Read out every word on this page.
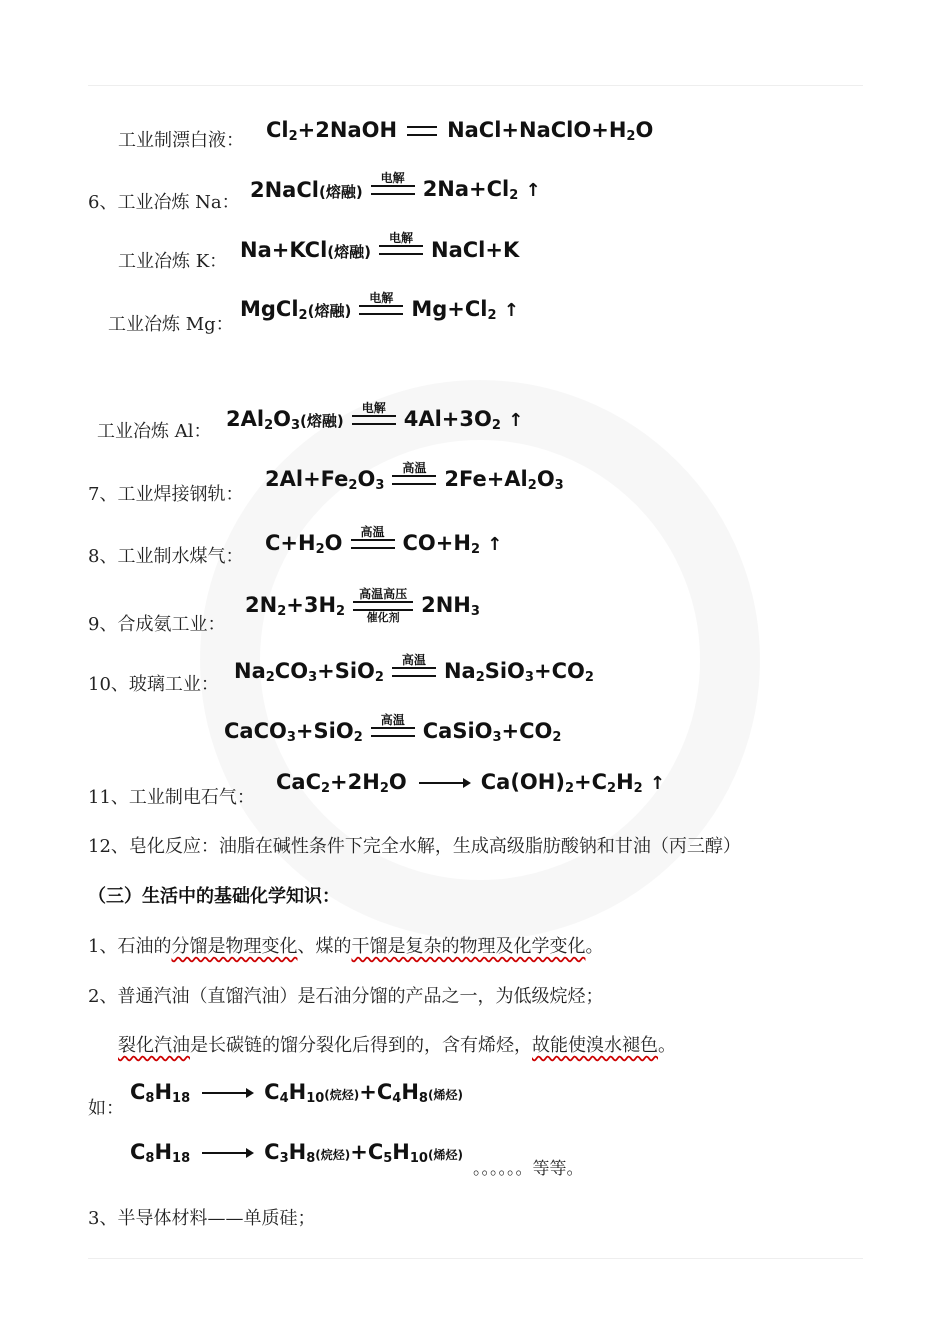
工业制漂白液： $Cl_2+2NaOH$ $NaCl+NaClO+H_2O$
6、工业冶炼 Na：
2NaCl(熔融)
电解
$2Na+Cl_2$ ↑
工业冶炼 K： Na+KCl(熔融)
电解
NaCl+K
工业冶炼 Mg：
MgCl$_2$(熔融)
电解
$Mg+Cl_2$ ↑
工业冶炼 Al：
$2Al_2O_3$(熔融)
电解
$4Al+3O_2$ ↑
7、工业焊接钢轨：
$2Al+Fe_2O_3$
高温
$2Fe+Al_2O_3$
8、工业制水煤气：
$C+H_2O$ 高温
$CO+H_2$ ↑
9、合成氨工业：
$2N_2+3H_2$
高温高压
催化剂
$2NH_3$
10、玻璃工业：
$Na_2CO_3+SiO_2$
高温
$Na_2SiO_3+CO_2$
CaCO$_3$+SiO$_2$
高温
$CaSiO_3+CO_2$
11、工业制电石气：
$CaC_2+2H_2O$	$Ca(OH)_2+C_2H_2$ ↑
12、皂化反应：油脂在碱性条件下完全水解，生成高级脂肪酸钠和甘油（丙三醇）
（三）生活中的基础化学知识：
1、石油的分馏是物理变化、煤的干馏是复杂的物理及化学变化。
2、普通汽油（直馏汽油）是石油分馏的产品之一，为低级烷烃；
裂化汽油是长碳链的馏分裂化后得到的，含有烯烃，故能使溴水褪色。
如：
$C_8H_{18}$	$C_4H_{10}$(烷烃)$+C_4H_8$(烯烃)
$C_8H_{18}$	$C_3H_8$(烷烃)$+C_5H_{10}$(烯烃)
。。。。。。等等。
3、半导体材料——单质硅；
